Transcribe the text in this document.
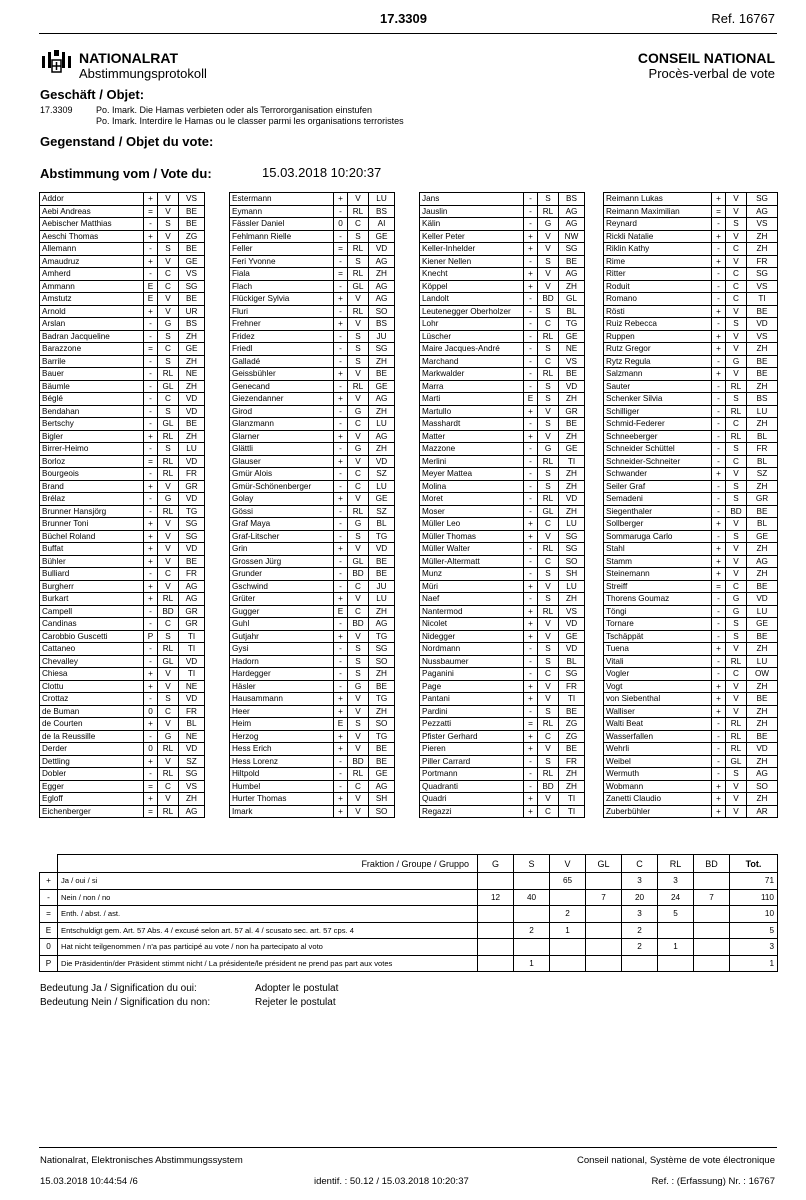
17.3309	Ref. 16767
NATIONALRAT
Abstimmungsprotokoll
CONSEIL NATIONAL
Procès-verbal de vote
Geschäft / Objet:
17.3309	Po. Imark. Die Hamas verbieten oder als Terrororganisation einstufen
Po. Imark. Interdire le Hamas ou le classer parmi les organisations terroristes
Gegenstand / Objet du vote:
Abstimmung vom / Vote du:	15.03.2018 10:20:37
Addor	+	V	VS
Aebi Andreas	=	V	BE
Aebischer Matthias	-	S	BE
Aeschi Thomas	+	V	ZG
Allemann	-	S	BE
Amaudruz	+	V	GE
Amherd	-	C	VS
Ammann	E	C	SG
Amstutz	E	V	BE
Arnold	+	V	UR
Arslan	-	G	BS
Badran Jacqueline	-	S	ZH
Barazzone	=	C	GE
Barrile	-	S	ZH
Bauer	-	RL	NE
Bäumle	-	GL	ZH
Béglé	-	C	VD
Bendahan	-	S	VD
Bertschy	-	GL	BE
Bigler	+	RL	ZH
Birrer-Heimo	-	S	LU
Borloz	=	RL	VD
Bourgeois	-	RL	FR
Brand	+	V	GR
Brélaz	-	G	VD
Brunner Hansjörg	-	RL	TG
Brunner Toni	+	V	SG
Büchel Roland	+	V	SG
Buffat	+	V	VD
Bühler	+	V	BE
Bulliard	-	C	FR
Burgherr	+	V	AG
Burkart	+	RL	AG
Campell	-	BD	GR
Candinas	-	C	GR
Carobbio Guscetti	P	S	TI
Cattaneo	-	RL	TI
Chevalley	-	GL	VD
Chiesa	+	V	TI
Clottu	+	V	NE
Crottaz	-	S	VD
de Buman	0	C	FR
de Courten	+	V	BL
de la Reussille	-	G	NE
Derder	0	RL	VD
Dettling	+	V	SZ
Dobler	-	RL	SG
Egger	=	C	VS
Egloff	+	V	ZH
Eichenberger	=	RL	AG
Estermann	+	V	LU
Eymann	-	RL	BS
Fässler Daniel	0	C	AI
Fehlmann Rielle	-	S	GE
Feller	=	RL	VD
Feri Yvonne	-	S	AG
Fiala	=	RL	ZH
Flach	-	GL	AG
Flückiger Sylvia	+	V	AG
Fluri	-	RL	SO
Frehner	+	V	BS
Fridez	-	S	JU
Friedl	-	S	SG
Galladé	-	S	ZH
Geissbühler	+	V	BE
Genecand	-	RL	GE
Giezendanner	+	V	AG
Girod	-	G	ZH
Glanzmann	-	C	LU
Glarner	+	V	AG
Glättli	-	G	ZH
Glauser	+	V	VD
Gmür Alois	-	C	SZ
Gmür-Schönenberger	-	C	LU
Golay	+	V	GE
Gössi	-	RL	SZ
Graf Maya	-	G	BL
Graf-Litscher	-	S	TG
Grin	+	V	VD
Grossen Jürg	-	GL	BE
Grunder	-	BD	BE
Gschwind	-	C	JU
Grüter	+	V	LU
Gugger	E	C	ZH
Guhl	-	BD	AG
Gutjahr	+	V	TG
Gysi	-	S	SG
Hadorn	-	S	SO
Hardegger	-	S	ZH
Häsler	-	G	BE
Hausammann	+	V	TG
Heer	+	V	ZH
Heim	E	S	SO
Herzog	+	V	TG
Hess Erich	+	V	BE
Hess Lorenz	-	BD	BE
Hiltpold	-	RL	GE
Humbel	-	C	AG
Hurter Thomas	+	V	SH
Imark	+	V	SO
Jans	-	S	BS
Jauslin	-	RL	AG
Kälin	-	G	AG
Keller Peter	+	V	NW
Keller-Inhelder	+	V	SG
Kiener Nellen	-	S	BE
Knecht	+	V	AG
Köppel	+	V	ZH
Landolt	-	BD	GL
Leutenegger Oberholzer	-	S	BL
Lohr	-	C	TG
Lüscher	-	RL	GE
Maire Jacques-André	-	S	NE
Marchand	-	C	VS
Markwalder	-	RL	BE
Marra	-	S	VD
Marti	E	S	ZH
Martullo	+	V	GR
Masshardt	-	S	BE
Matter	+	V	ZH
Mazzone	-	G	GE
Merlini	-	RL	TI
Meyer Mattea	-	S	ZH
Molina	-	S	ZH
Moret	-	RL	VD
Moser	-	GL	ZH
Müller Leo	+	C	LU
Müller Thomas	+	V	SG
Müller Walter	-	RL	SG
Müller-Altermatt	-	C	SO
Munz	-	S	SH
Müri	+	V	LU
Naef	-	S	ZH
Nantermod	+	RL	VS
Nicolet	+	V	VD
Nidegger	+	V	GE
Nordmann	-	S	VD
Nussbaumer	-	S	BL
Paganini	-	C	SG
Page	+	V	FR
Pantani	+	V	TI
Pardini	-	S	BE
Pezzatti	=	RL	ZG
Pfister Gerhard	+	C	ZG
Pieren	+	V	BE
Piller Carrard	-	S	FR
Portmann	-	RL	ZH
Quadranti	-	BD	ZH
Quadri	+	V	TI
Regazzi	+	C	TI
Reimann Lukas	+	V	SG
Reimann Maximilian	=	V	AG
Reynard	-	S	VS
Rickli Natalie	+	V	ZH
Riklin Kathy	-	C	ZH
Rime	+	V	FR
Ritter	-	C	SG
Roduit	-	C	VS
Romano	-	C	TI
Rösti	+	V	BE
Ruiz Rebecca	-	S	VD
Ruppen	+	V	VS
Rutz Gregor	+	V	ZH
Rytz Regula	-	G	BE
Salzmann	+	V	BE
Sauter	-	RL	ZH
Schenker Silvia	-	S	BS
Schilliger	-	RL	LU
Schmid-Federer	-	C	ZH
Schneeberger	-	RL	BL
Schneider Schüttel	-	S	FR
Schneider-Schneiter	-	C	BL
Schwander	+	V	SZ
Seiler Graf	-	S	ZH
Semadeni	-	S	GR
Siegenthaler	-	BD	BE
Sollberger	+	V	BL
Sommaruga Carlo	-	S	GE
Stahl	+	V	ZH
Stamm	+	V	AG
Steinemann	+	V	ZH
Streiff	=	C	BE
Thorens Goumaz	-	G	VD
Töngi	-	G	LU
Tornare	-	S	GE
Tschäppät	-	S	BE
Tuena	+	V	ZH
Vitali	-	RL	LU
Vogler	-	C	OW
Vogt	+	V	ZH
von Siebenthal	+	V	BE
Walliser	+	V	ZH
Walti Beat	-	RL	ZH
Wasserfallen	-	RL	BE
Wehrli	-	RL	VD
Weibel	-	GL	ZH
Wermuth	-	S	AG
Wobmann	+	V	SO
Zanetti Claudio	+	V	ZH
Zuberbühler	+	V	AR
	Fraktion / Groupe / Gruppo	G	S	V	GL	C	RL	BD	Tot.
+	Ja / oui / si			65		3	3		71
-	Nein / non / no	12	40		7	20	24	7	110
=	Enth. / abst. / ast.			2		3	5		10
E	Entschuldigt gem. Art. 57 Abs. 4 / excusé selon art. 57 al. 4 / scusato sec. art. 57 cps. 4		2	1		2			5
0	Hat nicht teilgenommen / n'a pas participé au vote / non ha partecipato al voto					2	1		3
P	Die Präsidentin/der Präsident stimmt nicht / La présidente/le président ne prend pas part aux votes		1						1
Bedeutung Ja / Signification du oui:	Adopter le postulat
Bedeutung Nein / Signification du non:	Rejeter le postulat
Nationalrat, Elektronisches Abstimmungssystem
15.03.2018 10:44:54 /6	identif. : 50.12 / 15.03.2018 10:20:37
Conseil national, Système de vote électronique
Ref. : (Erfassung) Nr. : 16767
